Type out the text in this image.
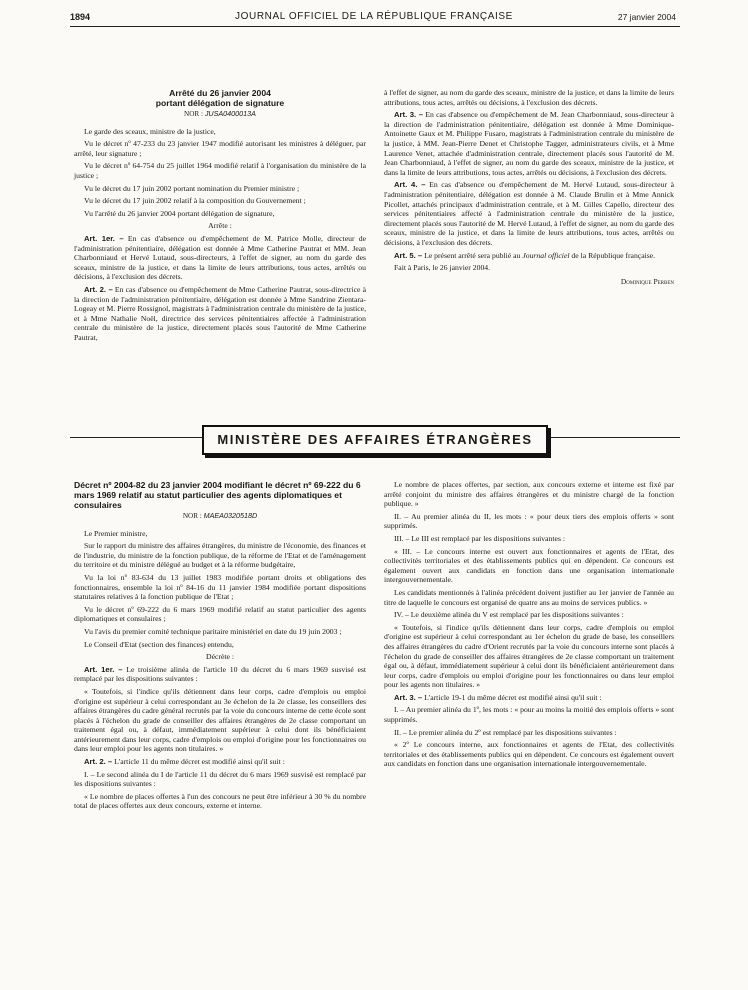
1894	JOURNAL OFFICIEL DE LA RÉPUBLIQUE FRANÇAISE	27 janvier 2004

Arrêté du 26 janvier 2004

portant délégation de signature

NOR : JUSA0400013A

Le garde des sceaux, ministre de la justice,

Vu le décret nº 47-233 du 23 janvier 1947 modifié autorisant les ministres à déléguer, par arrêté, leur signature ;

Vu le décret nº 64-754 du 25 juillet 1964 modifié relatif à l'organisation du ministère de la justice ;

Vu le décret du 17 juin 2002 portant nomination du Premier ministre ;

Vu le décret du 17 juin 2002 relatif à la composition du Gouvernement ;

Vu l'arrêté du 26 janvier 2004 portant délégation de signature,

Arrête :

Art. 1er. – En cas d'absence ou d'empêchement de M. Patrice Molle, directeur de l'administration pénitentiaire, délégation est donnée à Mme Catherine Pautrat et MM. Jean Charbonniaud et Hervé Lutaud, sous-directeurs, à l'effet de signer, au nom du garde des sceaux, ministre de la justice, et dans la limite de leurs attributions, tous actes, arrêtés ou décisions, à l'exclusion des décrets.

Art. 2. – En cas d'absence ou d'empêchement de Mme Catherine Pautrat, sous-directrice à la direction de l'administration pénitentiaire, délégation est donnée à Mme Sandrine Zientara-Logeay et M. Pierre Rossignol, magistrats à l'administration centrale du ministère de la justice, et à Mme Nathalie Noël, directrice des services pénitentiaires affectée à l'administration centrale du ministère de la justice, directement placés sous l'autorité de Mme Catherine Pautrat,

à l'effet de signer, au nom du garde des sceaux, ministre de la justice, et dans la limite de leurs attributions, tous actes, arrêtés ou décisions, à l'exclusion des décrets.

Art. 3. – En cas d'absence ou d'empêchement de M. Jean Charbonniaud, sous-directeur à la direction de l'administration pénitentiaire, délégation est donnée à Mme Dominique-Antoinette Gaux et M. Philippe Fusaro, magistrats à l'administration centrale du ministère de la justice, à MM. Jean-Pierre Denet et Christophe Tagger, administrateurs civils, et à Mme Laurence Venet, attachée d'administration centrale, directement placés sous l'autorité de M. Jean Charbonniaud, à l'effet de signer, au nom du garde des sceaux, ministre de la justice, et dans la limite de leurs attributions, tous actes, arrêtés ou décisions, à l'exclusion des décrets.

Art. 4. – En cas d'absence ou d'empêchement de M. Hervé Lutaud, sous-directeur à l'administration pénitentiaire, délégation est donnée à M. Claude Brulin et à Mme Annick Picollet, attachés principaux d'administration centrale, et à M. Gilles Capello, directeur des services pénitentiaires affecté à l'administration centrale du ministère de la justice, directement placés sous l'autorité de M. Hervé Lutaud, à l'effet de signer, au nom du garde des sceaux, ministre de la justice, et dans la limite de leurs attributions, tous actes, arrêtés ou décisions, à l'exclusion des décrets.

Art. 5. – Le présent arrêté sera publié au Journal officiel de la République française.

Fait à Paris, le 26 janvier 2004.

Dominique Perben
MINISTÈRE DES AFFAIRES ÉTRANGÈRES

Décret nº 2004-82 du 23 janvier 2004 modifiant le décret nº 69-222 du 6 mars 1969 relatif au statut particulier des agents diplomatiques et consulaires

NOR : MAEA0320518D

Le Premier ministre,

Sur le rapport du ministre des affaires étrangères, du ministre de l'économie, des finances et de l'industrie, du ministre de la fonction publique, de la réforme de l'Etat et de l'aménagement du territoire et du ministre délégué au budget et à la réforme budgétaire,

Vu la loi nº 83-634 du 13 juillet 1983 modifiée portant droits et obligations des fonctionnaires, ensemble la loi nº 84-16 du 11 janvier 1984 modifiée portant dispositions statutaires relatives à la fonction publique de l'Etat ;

Vu le décret nº 69-222 du 6 mars 1969 modifié relatif au statut particulier des agents diplomatiques et consulaires ;

Vu l'avis du premier comité technique paritaire ministériel en date du 19 juin 2003 ;

Le Conseil d'Etat (section des finances) entendu,

Décrète :

Art. 1er. – Le troisième alinéa de l'article 10 du décret du 6 mars 1969 susvisé est remplacé par les dispositions suivantes :

« Toutefois, si l'indice qu'ils détiennent dans leur corps, cadre d'emplois ou emploi d'origine est supérieur à celui correspondant au 3e échelon de la 2e classe, les conseillers des affaires étrangères du cadre général recrutés par la voie du concours interne de cette école sont placés à l'échelon du grade de conseiller des affaires étrangères de 2e classe comportant un traitement égal ou, à défaut, immédiatement supérieur à celui dont ils bénéficiaient antérieurement dans leur corps, cadre d'emplois ou emploi d'origine pour les fonctionnaires ou dans leur emploi pour les agents non titulaires. »

Art. 2. – L'article 11 du même décret est modifié ainsi qu'il suit :

I. – Le second alinéa du I de l'article 11 du décret du 6 mars 1969 susvisé est remplacé par les dispositions suivantes :

« Le nombre de places offertes à l'un des concours ne peut être inférieur à 30 % du nombre total de places offertes aux deux concours, externe et interne.

Le nombre de places offertes, par section, aux concours externe et interne est fixé par arrêté conjoint du ministre des affaires étrangères et du ministre chargé de la fonction publique. »

II. – Au premier alinéa du II, les mots : « pour deux tiers des emplois offerts » sont supprimés.

III. – Le III est remplacé par les dispositions suivantes :

« III. – Le concours interne est ouvert aux fonctionnaires et agents de l'Etat, des collectivités territoriales et des établissements publics qui en dépendent. Ce concours est également ouvert aux candidats en fonction dans une organisation internationale intergouvernementale.

Les candidats mentionnés à l'alinéa précédent doivent justifier au 1er janvier de l'année au titre de laquelle le concours est organisé de quatre ans au moins de services publics. »

IV. – Le deuxième alinéa du V est remplacé par les dispositions suivantes :

« Toutefois, si l'indice qu'ils détiennent dans leur corps, cadre d'emplois ou emploi d'origine est supérieur à celui correspondant au 1er échelon du grade de base, les conseillers des affaires étrangères du cadre d'Orient recrutés par la voie du concours interne sont placés à l'échelon du grade de conseiller des affaires étrangères de 2e classe comportant un traitement égal ou, à défaut, immédiatement supérieur à celui dont ils bénéficiaient antérieurement dans leur corps, cadre d'emplois ou emploi d'origine pour les fonctionnaires ou dans leur emploi pour les agents non titulaires. »

Art. 3. – L'article 19-1 du même décret est modifié ainsi qu'il suit :

I. – Au premier alinéa du 1º, les mots : « pour au moins la moitié des emplois offerts » sont supprimés.

II. – Le premier alinéa du 2º est remplacé par les dispositions suivantes :

« 2º Le concours interne, aux fonctionnaires et agents de l'Etat, des collectivités territoriales et des établissements publics qui en dépendent. Ce concours est également ouvert aux candidats en fonction dans une organisation internationale intergouvernementale.
